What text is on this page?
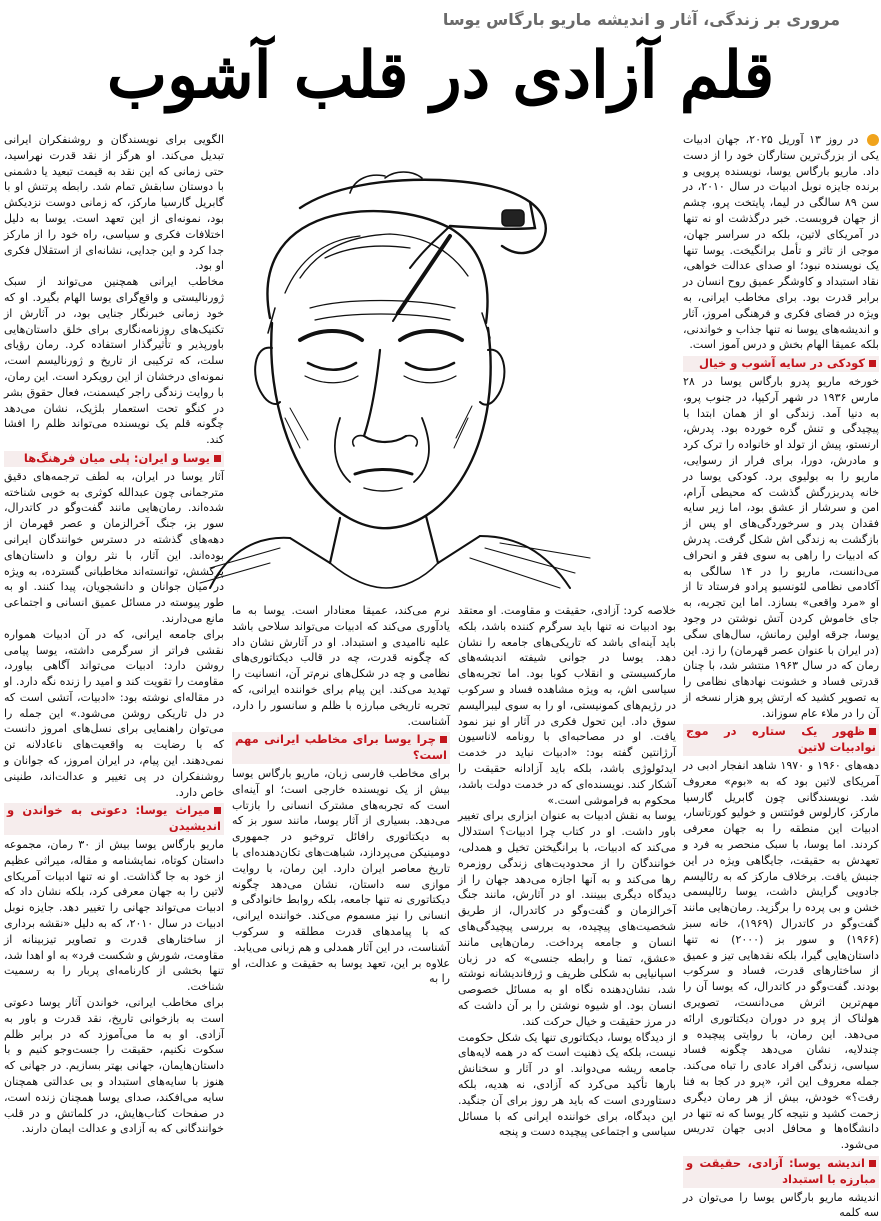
مروری بر زندگی، آثار و اندیشه ماریو بارگاس یوسا
قلم آزادی در قلب آشوب

در روز ۱۳ آوریل ۲۰۲۵، جهان ادبیات یکی از بزرگ‌ترین ستارگان خود را از دست داد. ماریو بارگاس یوسا، نویسنده پرویی و برنده جایزه نوبل ادبیات در سال ۲۰۱۰، در سن ۸۹ سالگی در لیما، پایتخت پرو، چشم از جهان فروبست. خبر درگذشت او نه تنها در آمریکای لاتین، بلکه در سراسر جهان، موجی از تاثر و تأمل برانگیخت. یوسا تنها یک نویسنده نبود؛ او صدای عدالت خواهی، نقاد استبداد و کاوشگر عمیق روح انسان در برابر قدرت بود. برای مخاطب ایرانی، به ویژه در فضای فکری و فرهنگی امروز، آثار و اندیشه‌های یوسا نه تنها جذاب و خواندنی، بلکه عمیقا الهام بخش و درس آموز است.

کودکی در سایه آشوب و خیال

خورخه ماریو پدرو بارگاس یوسا در ۲۸ مارس ۱۹۳۶ در شهر آرکیپا، در جنوب پرو، به دنیا آمد. زندگی او از همان ابتدا با پیچیدگی و تنش گره خورده بود. پدرش، ارنستو، پیش از تولد او خانواده را ترک کرد و مادرش، دورا، برای فرار از رسوایی، ماریو را به بولیوی برد. کودکی یوسا در خانه پدربزرگش گذشت که محیطی آرام، امن و سرشار از عشق بود، اما زیر سایه فقدان پدر و سرخوردگی‌های او پس از بازگشت به زندگی اش شکل گرفت. پدرش که ادبیات را راهی به سوی فقر و انحراف می‌دانست، ماریو را در ۱۴ سالگی به آکادمی نظامی لئونسیو پرادو فرستاد تا از او «مرد واقعی» بسازد. اما این تجربه، به جای خاموش کردن آتش نوشتن در وجود یوسا، جرقه اولین رمانش، سال‌های سگی (در ایران با عنوان عصر قهرمان) را زد. این رمان که در سال ۱۹۶۳ منتشر شد، با چنان قدرتی فساد و خشونت نهادهای نظامی را به تصویر کشید که ارتش پرو هزار نسخه از آن را در ملاء عام سوزاند.

ظهور یک ستاره در موج نوادبیات لاتین

دهه‌های ۱۹۶۰ و ۱۹۷۰ شاهد انفجار ادبی در آمریکای لاتین بود که به «بوم» معروف شد. نویسندگانی چون گابریل گارسیا مارکز، کارلوس فوئنتس و خولیو کورتاسار، ادبیات این منطقه را به جهان معرفی کردند. اما یوسا، با سبک منحصر به فرد و تعهدش به حقیقت، جایگاهی ویژه در این جنبش یافت. برخلاف مارکز که به رئالیسم جادویی گرایش داشت، یوسا رئالیسمی خشن و بی پرده را برگزید. رمان‌هایی مانند گفت‌وگو در کاتدرال (۱۹۶۹)، خانه سبز (۱۹۶۶) و سور بز (۲۰۰۰) نه تنها داستان‌هایی گیرا، بلکه نقدهایی تیز و عمیق از ساختارهای قدرت، فساد و سرکوب بودند. گفت‌وگو در کاتدرال، که یوسا آن را مهم‌ترین اثرش می‌دانست، تصویری هولناک از پرو در دوران دیکتاتوری ارائه می‌دهد. این رمان، با روایتی پیچیده و چندلایه، نشان می‌دهد چگونه فساد سیاسی، زندگی افراد عادی را تباه می‌کند. جمله معروف این اثر، «پرو در کجا به فنا رفت؟» خودش، بیش از هر رمان دیگری زحمت کشید و نتیجه کار یوسا که نه تنها در دانشگاه‌ها و محافل ادبی جهان تدریس می‌شود.

اندیشه یوسا: آزادی، حقیقت و مبارزه با استبداد

اندیشه ماریو بارگاس یوسا را می‌توان در سه کلمه

خلاصه کرد: آزادی، حقیقت و مقاومت. او معتقد بود ادبیات نه تنها باید سرگرم کننده باشد، بلکه باید آینه‌ای باشد که تاریکی‌های جامعه را نشان دهد. یوسا در جوانی شیفته اندیشه‌های مارکسیستی و انقلاب کوبا بود. اما تجربه‌های سیاسی اش، به ویژه مشاهده فساد و سرکوب در رژیم‌های کمونیستی، او را به سوی لیبرالیسم سوق داد. این تحول فکری در آثار او نیز نمود یافت. او در مصاحبه‌ای با رونامه لاناسیون آرژانتین گفته بود: «ادبیات نباید در خدمت ایدئولوژی باشد، بلکه باید آزادانه حقیقت را آشکار کند. نویسنده‌ای که در خدمت دولت باشد، محکوم به فراموشی است.»

یوسا به نقش ادبیات به عنوان ابزاری برای تغییر باور داشت. او در کتاب چرا ادبیات؟ استدلال می‌کند که ادبیات، با برانگیختن تخیل و همدلی، خوانندگان را از محدودیت‌های زندگی روزمره رها می‌کند و به آنها اجازه می‌دهد جهان را از دیدگاه دیگری ببینند. او در آثارش، مانند جنگ آخرالزمان و گفت‌وگو در کاتدرال، از طریق شخصیت‌های پیچیده، به بررسی پیچیدگی‌های انسان و جامعه پرداخت. رمان‌هایی مانند «عشق، تمنا و رابطه جنسی» که در زبان اسپانیایی به شکلی ظریف و ژرفاندیشانه نوشته شد، نشان‌دهنده نگاه او به مسائل خصوصی انسان بود. او شیوه نوشتن را بر آن داشت که در مرز حقیقت و خیال حرکت کند.

از دیدگاه یوسا، دیکتاتوری تنها یک شکل حکومت نیست، بلکه یک ذهنیت است که در همه لایه‌های جامعه ریشه می‌دواند. او در آثار و سخنانش بارها تأکید می‌کرد که آزادی، نه هدیه، بلکه دستاوردی است که باید هر روز برای آن جنگید. این دیدگاه، برای خواننده ایرانی که با مسائل سیاسی و اجتماعی پیچیده دست و پنجه

نرم می‌کند، عمیقا معنادار است. یوسا به ما یادآوری می‌کند که ادبیات می‌تواند سلاحی باشد علیه ناامیدی و استبداد. او در آثارش نشان داد که چگونه قدرت، چه در قالب دیکتاتوری‌های نظامی و چه در شکل‌های نرم‌تر آن، انسانیت را تهدید می‌کند. این پیام برای خواننده ایرانی، که تجربه تاریخی مبارزه با ظلم و سانسور را دارد، آشناست.

چرا یوسا برای مخاطب ایرانی مهم است؟

برای مخاطب فارسی زبان، ماریو بارگاس یوسا بیش از یک نویسنده خارجی است؛ او آینه‌ای است که تجربه‌های مشترک انسانی را بازتاب می‌دهد. بسیاری از آثار یوسا، مانند سور بز که به دیکتاتوری رافائل تروخیو در جمهوری دومینیکن می‌پردازد، شباهت‌های تکان‌دهنده‌ای با تاریخ معاصر ایران دارد. این رمان، با روایت موازی سه داستان، نشان می‌دهد چگونه دیکتاتوری نه تنها جامعه، بلکه روابط خانوادگی و انسانی را نیز مسموم می‌کند. خواننده ایرانی، که با پیامدهای قدرت مطلقه و سرکوب آشناست، در این آثار همدلی و هم زبانی می‌یابد.

علاوه بر این، تعهد یوسا به حقیقت و عدالت، او را به

الگویی برای نویسندگان و روشنفکران ایرانی تبدیل می‌کند. او هرگز از نقد قدرت نهراسید، حتی زمانی که این نقد به قیمت تبعید یا دشمنی با دوستان سابقش تمام شد. رابطه پرتنش او با گابریل گارسیا مارکز، که زمانی دوست نزدیکش بود، نمونه‌ای از این تعهد است. یوسا به دلیل اختلافات فکری و سیاسی، راه خود را از مارکز جدا کرد و این جدایی، نشانه‌ای از استقلال فکری او بود.

مخاطب ایرانی همچنین می‌تواند از سبک ژورنالیستی و واقع‌گرای یوسا الهام بگیرد. او که خود زمانی خبرنگار جنایی بود، در آثارش از تکنیک‌های روزنامه‌نگاری برای خلق داستان‌هایی باورپذیر و تأثیرگذار استفاده کرد. رمان رؤیای سلت، که ترکیبی از تاریخ و ژورنالیسم است، نمونه‌ای درخشان از این رویکرد است. این رمان، با روایت زندگی راجر کیسمنت، فعال حقوق بشر در کنگو تحت استعمار بلژیک، نشان می‌دهد چگونه قلم یک نویسنده می‌تواند ظلم را افشا کند.

یوسا و ایران: پلی میان فرهنگ‌ها

آثار یوسا در ایران، به لطف ترجمه‌های دقیق مترجمانی چون عبدالله کوثری به خوبی شناخته شده‌اند. رمان‌هایی مانند گفت‌وگو در کاتدرال، سور بز، جنگ آخرالزمان و عصر قهرمان از دهه‌های گذشته در دسترس خوانندگان ایرانی بوده‌اند. این آثار، با نثر روان و داستان‌های پرکشش، توانسته‌اند مخاطبانی گسترده، به ویژه در میان جوانان و دانشجویان، پیدا کنند. او به طور پیوسته در مسائل عمیق انسانی و اجتماعی مانع می‌دارند.

برای جامعه ایرانی، که در آن ادبیات همواره نقشی فراتر از سرگرمی داشته، یوسا پیامی روشن دارد: ادبیات می‌تواند آگاهی بیاورد، مقاومت را تقویت کند و امید را زنده نگه دارد. او در مقاله‌ای نوشته بود: «ادبیات، آتشی است که در دل تاریکی روشن می‌شود.» این جمله را می‌توان راهنمایی برای نسل‌های امروز دانست که با رضایت به واقعیت‌های ناعادلانه تن نمی‌دهند. این پیام، در ایران امروز، که جوانان و روشنفکران در پی تغییر و عدالت‌اند، طنینی خاص دارد.

میراث یوسا: دعوتی به خواندن و اندیشیدن

ماریو بارگاس یوسا بیش از ۳۰ رمان، مجموعه داستان کوتاه، نمایشنامه و مقاله، میراثی عظیم از خود به جا گذاشت. او نه تنها ادبیات آمریکای لاتین را به جهان معرفی کرد، بلکه نشان داد که ادبیات می‌تواند جهانی را تغییر دهد. جایزه نوبل ادبیات در سال ۲۰۱۰، که به دلیل «نقشه برداری از ساختارهای قدرت و تصاویر تیزبینانه از مقاومت، شورش و شکست فرد» به او اهدا شد، تنها بخشی از کارنامه‌ای پربار را به رسمیت شناخت.

برای مخاطب ایرانی، خواندن آثار یوسا دعوتی است به بازخوانی تاریخ، نقد قدرت و باور به آزادی. او به ما می‌آموزد که در برابر ظلم سکوت نکنیم، حقیقت را جست‌وجو کنیم و با داستان‌هایمان، جهانی بهتر بسازیم. در جهانی که هنوز با سایه‌های استبداد و بی عدالتی همچنان سایه می‌افکند، صدای یوسا همچنان زنده است، در صفحات کتاب‌هایش، در کلماتش و در قلب خوانندگانی که به آزادی و عدالت ایمان دارند.
